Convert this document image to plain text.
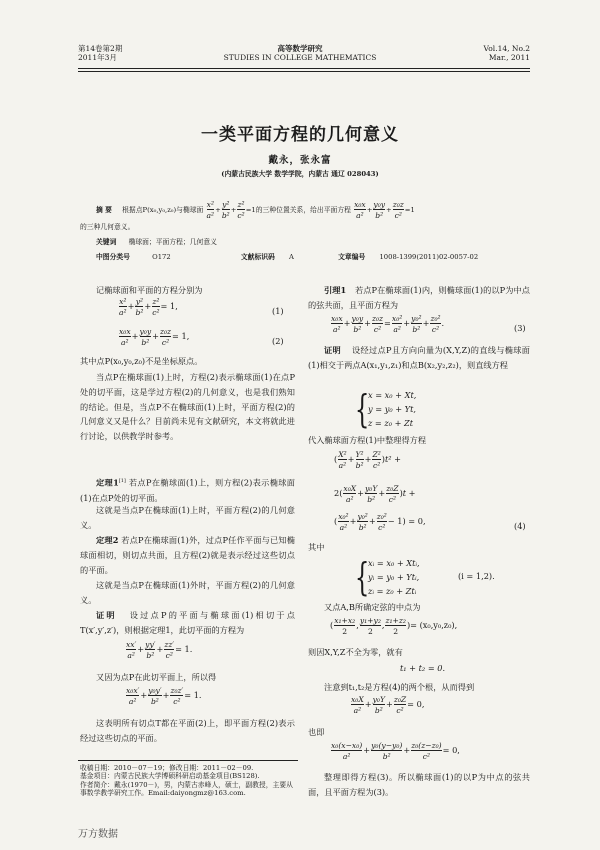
第14卷第2期
2011年3月
高等数学研究
STUDIES IN COLLEGE MATHEMATICS
Vol.14, No.2
Mar., 2011
一类平面方程的几何意义
戴永，张永富
(内蒙古民族大学 数学学院，内蒙古 通辽 028043)
摘 要 根据点P(x₀,y₀,z₀)与椭球面 $\frac{\text{x²}}{\text{a²}} + \frac{\text{y²}}{\text{b²}} + \frac{\text{z²}}{\text{c²}} =1$的三种位置关系，给出平面方程 $\frac{\text{x₀x}}{\text{a²}} + \frac{\text{y₀y}}{\text{b²}} + \frac{\text{z₀z}}{\text{c²}} =1$
的三种几何意义。
关键词 椭球面；平面方程；几何意义
中图分类号	O172	文献标识码 A	文章编号 1008-1399(2011)02-0057-02
记椭球面和平面的方程分别为
$\frac{\text{x²}}{\text{a²}} + \frac{\text{y²}}{\text{b²}} + \frac{\text{z²}}{\text{c²}} = 1$,	(1)
$\frac{\text{x₀x}}{\text{a²}} + \frac{\text{y₀y}}{\text{b²}} + \frac{\text{z₀z}}{\text{c²}} = 1$,	(2)
其中点P(x₀,y₀,z₀)不是坐标原点。
当点P在椭球面(1)上时，方程(2)表示椭球面(1)在点P处的切平面，这是学过方程(2)的几何意义，也是我们熟知的结论。但是，当点P不在椭球面(1)上时，平面方程(2)的几何意义又是什么？目前尚未见有文献研究，本文将就此进行讨论，以供教学时参考。
定理1[1] 若点P在椭球面(1)上，则方程(2)表示椭球面(1)在点P处的切平面。
这就是当点P在椭球面(1)上时，平面方程(2)的几何意义。
定理2 若点P在椭球面(1)外，过点P任作平面与已知椭球面相切，则切点共面，且方程(2)就是表示经过这些切点的平面。
这就是当点P在椭球面(1)外时，平面方程(2)的几何意义。
证明 设过点P的平面与椭球面(1)相切于点T(x′,y′,z′)，则根据定理1，此切平面的方程为
$\frac{xx'}{\text{a²}} + \frac{yy'}{\text{b²}} + \frac{zz'}{\text{c²}} = 1$.
又因为点P在此切平面上，所以得
$\frac{\text{x₀x′}}{\text{a²}} + \frac{\text{y₀y′}}{\text{b²}} + \frac{\text{z₀z′}}{\text{c²}} = 1$.
这表明所有切点T都在平面(2)上，即平面方程(2)表示经过这些切点的平面。
收稿日期：2010－07－19；修改日期：2011－02－09.
基金项目：内蒙古民族大学博硕科研启动基金项目(BS128).
作者简介：戴永(1970－)，男，内蒙古赤峰人，硕士，副教授，主要从事数学教学研究工作。Email:daiyongmz@163.com.
引理1 若点P在椭球面(1)内，则椭球面(1)的以P为中点的弦共面，且平面方程为
$\frac{\text{x₀x}}{\text{a²}} + \frac{\text{y₀y}}{\text{b²}} + \frac{\text{z₀z}}{\text{c²}} = \frac{\text{x₀²}}{\text{a²}} + \frac{\text{y₀²}}{\text{b²}} + \frac{\text{z₀²}}{\text{c²}}$ .	(3)
证明 设经过点P且方向向量为(X,Y,Z)的直线与椭球面(1)相交于两点A(x₁,y₁,z₁)和点B(x₂,y₂,z₂)，则直线方程
{
x = x₀ + Xt,
y = y₀ + Yt,
z = z₀ + Zt
代入椭球面方程(1)中整理得方程
( $\frac{\text{X²}}{\text{a²}} + \frac{\text{Y²}}{\text{b²}} + \frac{\text{Z²}}{\text{c²}} )t^2$ +
$2( \frac{\text{x₀X}}{\text{a²}} + \frac{\text{y₀Y}}{\text{b²}} + \frac{\text{z₀Z}}{\text{c²}} )t$ +
( $\frac{\text{x₀²}}{\text{a²}} + \frac{\text{y₀²}}{\text{b²}} + \frac{\text{z₀²}}{\text{c²}} - 1) = 0$,	(4)
其中
{
xᵢ = x₀ + Xtᵢ,
yᵢ = y₀ + Ytᵢ,
zᵢ = z₀ + Ztᵢ
(i = 1,2).
又点A,B所确定弦的中点为
( $\frac{\text{x₁+x₂}}{2}$ , $\frac{\text{y₁+y₂}}{2}$ , $\frac{\text{z₁+z₂}}{2}$ )= (x₀,y₀,z₀),
则因X,Y,Z不全为零，就有
t₁ + t₂ = 0.
注意到t₁,t₂是方程(4)的两个根，从而得到
$\frac{\text{x₀X}}{\text{a²}} + \frac{\text{y₀Y}}{\text{b²}} + \frac{\text{z₀Z}}{\text{c²}} = 0$,
也即
$\frac{\text{x₀(x−x₀)}}{\text{a²}} + \frac{\text{y₀(y−y₀)}}{\text{b²}} + \frac{\text{z₀(z−z₀)}}{\text{c²}} = 0$,
整理即得方程(3)。所以椭球面(1)的以P为中点的弦共面，且平面方程为(3)。
万方数据
